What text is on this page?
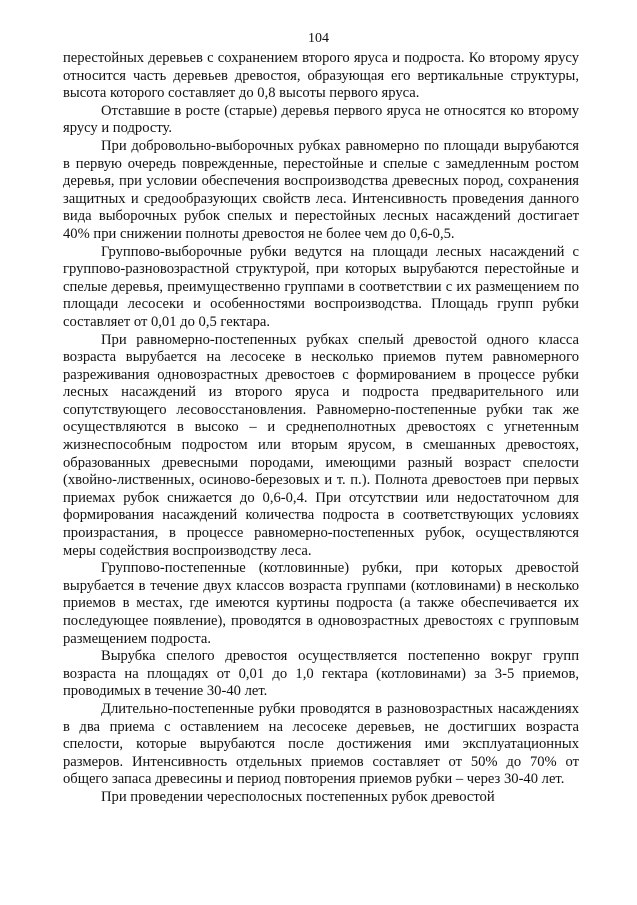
104

перестойных деревьев с сохранением второго яруса и подроста. Ко второму ярусу относится часть деревьев древостоя, образующая его вертикальные структуры, высота которого составляет до 0,8 высоты первого яруса.

Отставшие в росте (старые) деревья первого яруса не относятся ко второму ярусу и подросту.

При добровольно-выборочных рубках равномерно по площади вырубаются в первую очередь поврежденные, перестойные и спелые с замедленным ростом деревья, при условии обеспечения воспроизводства древесных пород, сохранения защитных и средообразующих свойств леса. Интенсивность проведения данного вида выборочных рубок спелых и перестойных лесных насаждений достигает 40% при снижении полноты древостоя не более чем до 0,6-0,5.

Группово-выборочные рубки ведутся на площади лесных насаждений с группово-разновозрастной структурой, при которых вырубаются перестойные и спелые деревья, преимущественно группами в соответствии с их размещением по площади лесосеки и особенностями воспроизводства. Площадь групп рубки составляет от 0,01 до 0,5 гектара.

При равномерно-постепенных рубках спелый древостой одного класса возраста вырубается на лесосеке в несколько приемов путем равномерного разреживания одновозрастных древостоев с формированием в процессе рубки лесных насаждений из второго яруса и подроста предварительного или сопутствующего лесовосстановления. Равномерно-постепенные рубки так же осуществляются в высоко – и среднеполнотных древостоях с угнетенным жизнеспособным подростом или вторым ярусом, в смешанных древостоях, образованных древесными породами, имеющими разный возраст спелости (хвойно-лиственных, осиново-березовых и т. п.). Полнота древостоев при первых приемах рубок снижается до 0,6-0,4. При отсутствии или недостаточном для формирования насаждений количества подроста в соответствующих условиях произрастания, в процессе равномерно-постепенных рубок, осуществляются меры содействия воспроизводству леса.

Группово-постепенные (котловинные) рубки, при которых древостой вырубается в течение двух классов возраста группами (котловинами) в несколько приемов в местах, где имеются куртины подроста (а также обеспечивается их последующее появление), проводятся в одновозрастных древостоях с групповым размещением подроста.

Вырубка спелого древостоя осуществляется постепенно вокруг групп возраста на площадях от 0,01 до 1,0 гектара (котловинами) за 3-5 приемов, проводимых в течение 30-40 лет.

Длительно-постепенные рубки проводятся в разновозрастных насаждениях в два приема с оставлением на лесосеке деревьев, не достигших возраста спелости, которые вырубаются после достижения ими эксплуатационных размеров. Интенсивность отдельных приемов составляет от 50% до 70% от общего запаса древесины и период повторения приемов рубки – через 30-40 лет.

При проведении чересполосных постепенных рубок древостой
